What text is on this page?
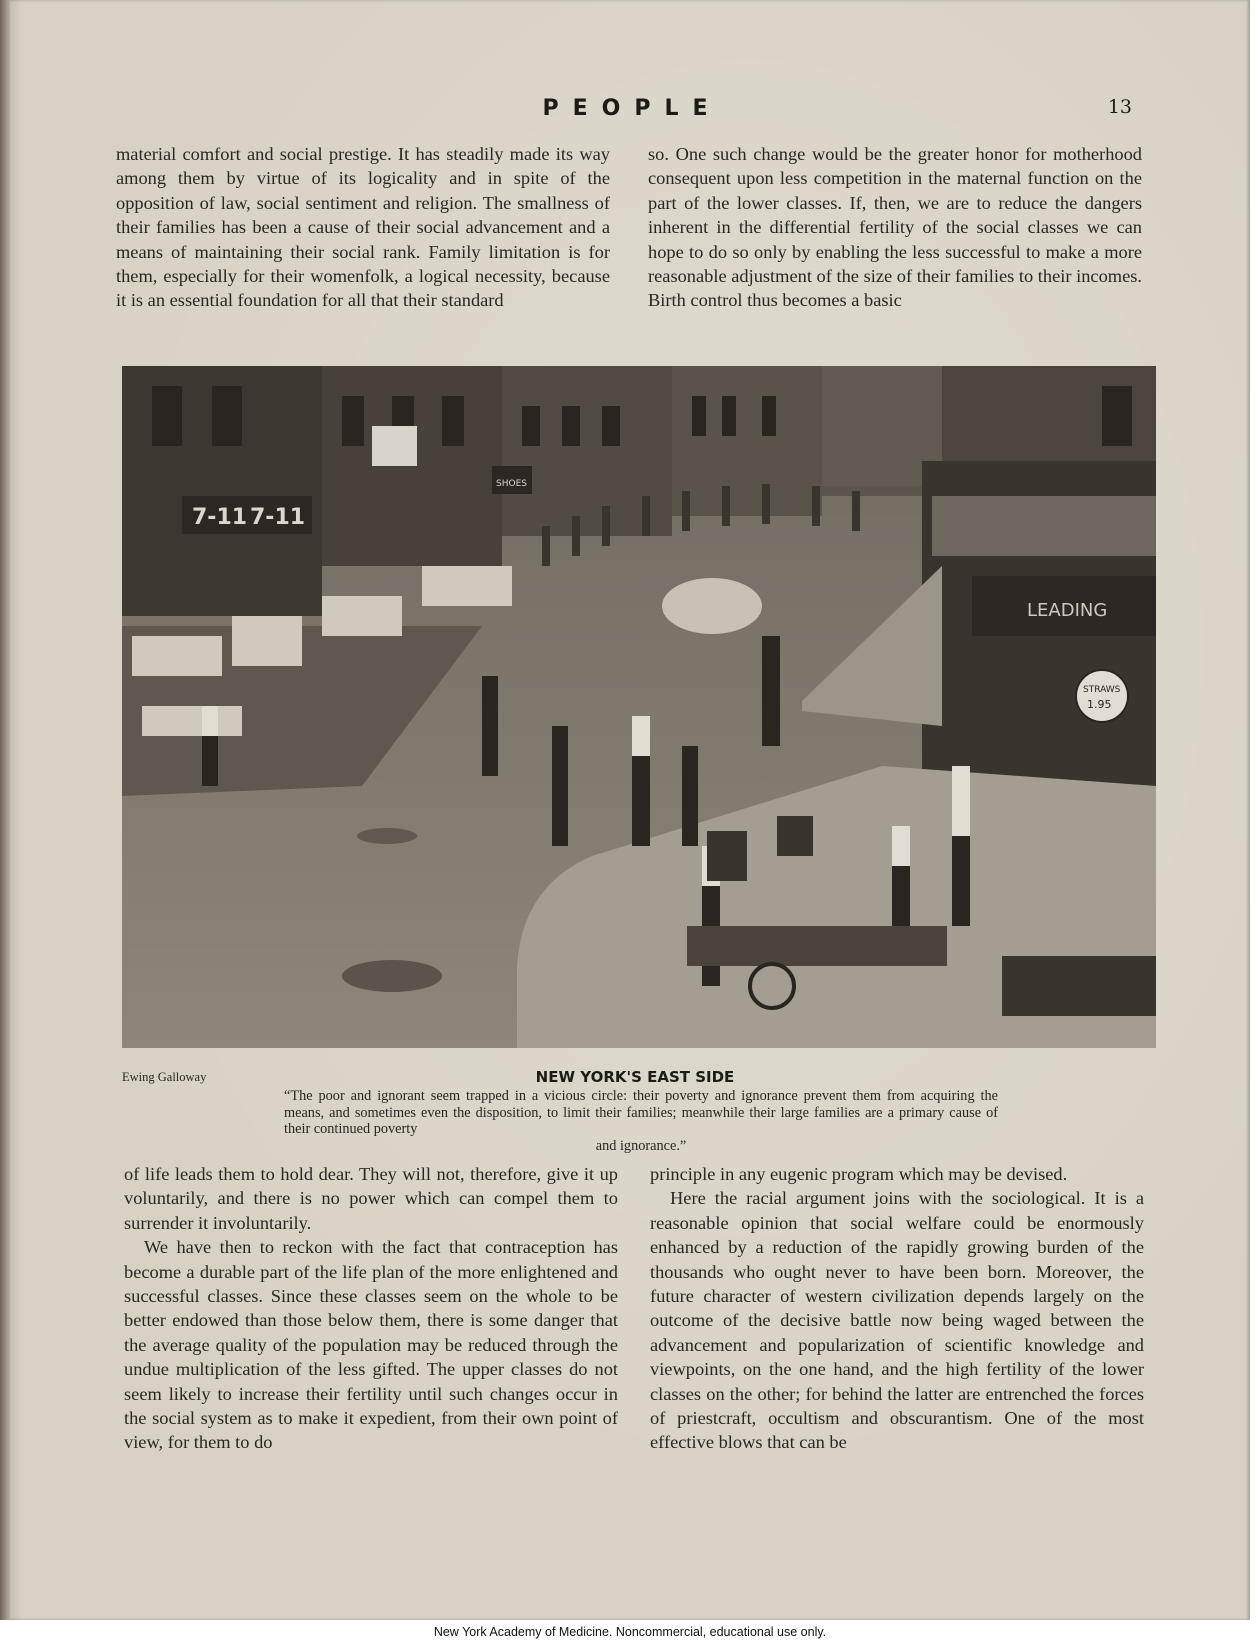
PEOPLE	13

material comfort and social prestige. It has steadily made its way among them by virtue of its logicality and in spite of the opposition of law, social sentiment and religion. The smallness of their families has been a cause of their social advancement and a means of maintaining their social rank. Family limitation is for them, especially for their womenfolk, a logical necessity, because it is an essential foundation for all that their standard

so. One such change would be the greater honor for motherhood consequent upon less competition in the maternal function on the part of the lower classes. If, then, we are to reduce the dangers inherent in the differential fertility of the social classes we can hope to do so only by enabling the less successful to make a more reasonable adjustment of the size of their families to their incomes. Birth control thus becomes a basic

7-11 7-11
SHOES
LEADING
STRAWS
1.95
Ewing Galloway	NEW YORK'S EAST SIDE
“The poor and ignorant seem trapped in a vicious circle: their poverty and ignorance prevent them from acquiring the means, and sometimes even the disposition, to limit their families; meanwhile their large families are a primary cause of their continued poverty
and ignorance.”

of life leads them to hold dear. They will not, therefore, give it up voluntarily, and there is no power which can compel them to surrender it involuntarily.

We have then to reckon with the fact that contraception has become a durable part of the life plan of the more enlightened and successful classes. Since these classes seem on the whole to be better endowed than those below them, there is some danger that the average quality of the population may be reduced through the undue multiplication of the less gifted. The upper classes do not seem likely to increase their fertility until such changes occur in the social system as to make it expedient, from their own point of view, for them to do

principle in any eugenic program which may be devised.

Here the racial argument joins with the sociological. It is a reasonable opinion that social welfare could be enormously enhanced by a reduction of the rapidly growing burden of the thousands who ought never to have been born. Moreover, the future character of western civilization depends largely on the outcome of the decisive battle now being waged between the advancement and popularization of scientific knowledge and viewpoints, on the one hand, and the high fertility of the lower classes on the other; for behind the latter are entrenched the forces of priestcraft, occultism and obscurantism. One of the most effective blows that can be

New York Academy of Medicine. Noncommercial, educational use only.
